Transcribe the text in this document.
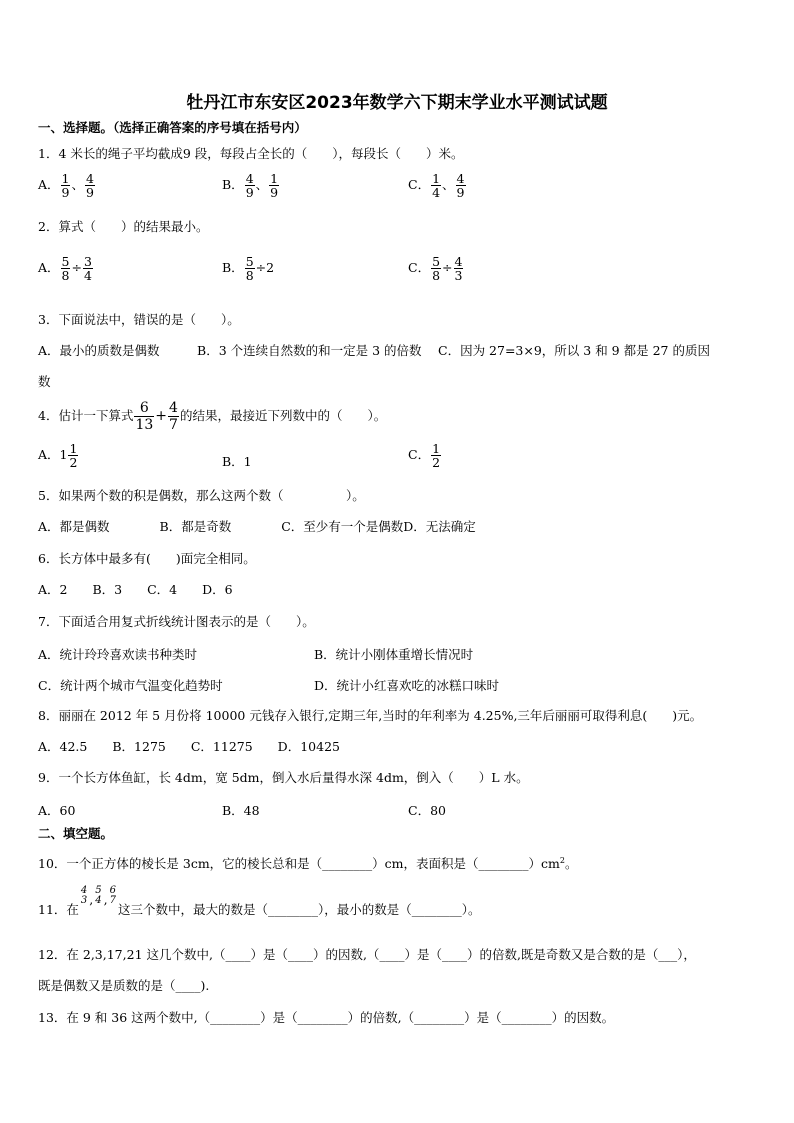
牡丹江市东安区2023年数学六下期末学业水平测试试题
一、选择题。（选择正确答案的序号填在括号内）
1．4 米长的绳子平均截成9 段，每段占全长的（　　），每段长（　　）米。
A． $\frac{1}{9}$ 、 $\frac{4}{9}$	B． $\frac{4}{9}$ 、 $\frac{1}{9}$	C． $\frac{1}{4}$ 、 $\frac{4}{9}$
2．算式（　　）的结果最小。
A． $\frac{5}{8} \div \frac{3}{4}$	B． $\frac{5}{8} \div 2$	C． $\frac{5}{8} \div \frac{4}{3}$
3．下面说法中，错误的是（　　）。
A．最小的质数是偶数　　　B．3 个连续自然数的和一定是 3 的倍数　 C．因为 27=3×9，所以 3 和 9 都是 27 的质因
数
4．估计一下算式 $\frac{6}{13} + \frac{4}{7}$ 的结果，最接近下列数中的（　　）。
A．$1 \frac{1}{2}$	B．1	C． $\frac{1}{2}$
5．如果两个数的积是偶数，那么这两个数（　　　　　）。
A．都是偶数　　　　B．都是奇数　　　　C．至少有一个是偶数D．无法确定
6．长方体中最多有(　　)面完全相同。
A．2　　B．3　　C．4　　D．6
7．下面适合用复式折线统计图表示的是（　　）。
A．统计玲玲喜欢读书种类时	B．统计小刚体重增长情况时
C．统计两个城市气温变化趋势时	D．统计小红喜欢吃的冰糕口味时
8．丽丽在 2012 年 5 月份将 10000 元钱存入银行,定期三年,当时的年利率为 4.25%,三年后丽丽可取得利息(　　)元。
A．42.5　　B．1275　　C．11275　　D．10425
9．一个长方体鱼缸，长 4dm，宽 5dm，倒入水后量得水深 4dm，倒入（　　）L 水。
A．60	B．48	C．80
二、填空题。
10．一个正方体的棱长是 3cm，它的棱长总和是（________）cm，表面积是$(\_\_\_\_\_\_\_\_)cm^2$。
11．在
4
3 ,
5
4 ,
6
7
这三个数中，最大的数是（________），最小的数是（________）。
12．在 2,3,17,21 这几个数中,（____）是（____）的因数,（____）是（____）的倍数,既是奇数又是合数的是（___），
既是偶数又是质数的是（____).
13．在 9 和 36 这两个数中,（________）是（________）的倍数,（________）是（________）的因数。
